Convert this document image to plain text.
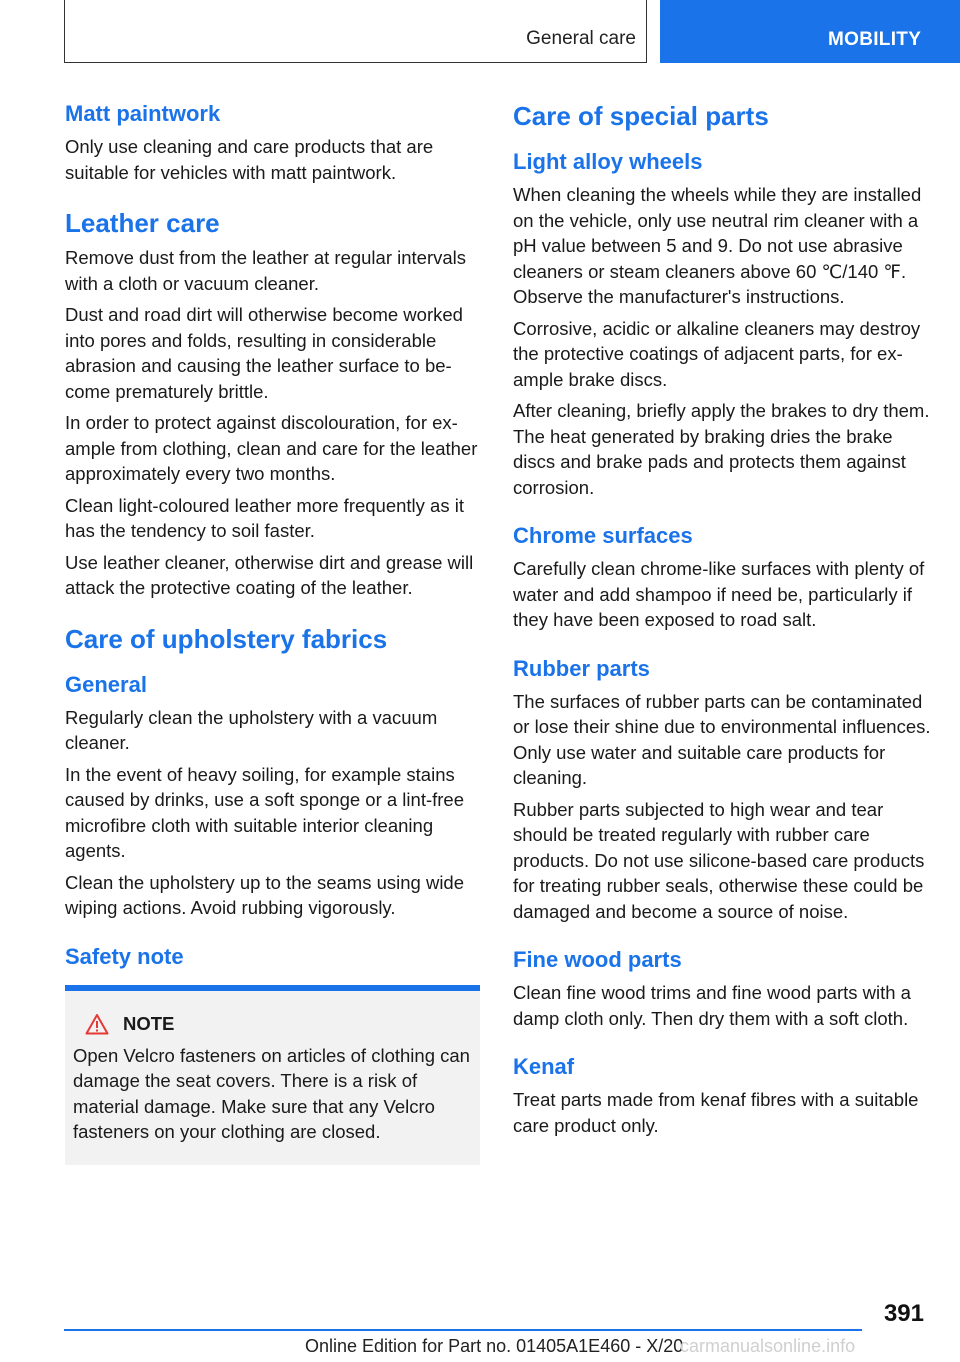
General care	MOBILITY
Matt paintwork

Only use cleaning and care products that are suitable for vehicles with matt paintwork.

Leather care

Remove dust from the leather at regular intervals with a cloth or vacuum cleaner.

Dust and road dirt will otherwise become worked into pores and folds, resulting in considerable abrasion and causing the leather surface to become prematurely brittle.

In order to protect against discolouration, for example from clothing, clean and care for the leather approximately every two months.

Clean light-coloured leather more frequently as it has the tendency to soil faster.

Use leather cleaner, otherwise dirt and grease will attack the protective coating of the leather.

Care of upholstery fabrics
General

Regularly clean the upholstery with a vacuum cleaner.

In the event of heavy soiling, for example stains caused by drinks, use a soft sponge or a lint-free microfibre cloth with suitable interior cleaning agents.

Clean the upholstery up to the seams using wide wiping actions. Avoid rubbing vigorously.

Safety note
NOTE

Open Velcro fasteners on articles of clothing can damage the seat covers. There is a risk of material damage. Make sure that any Velcro fasteners on your clothing are closed.

Care of special parts
Light alloy wheels

When cleaning the wheels while they are installed on the vehicle, only use neutral rim cleaner with a pH value between 5 and 9. Do not use abrasive cleaners or steam cleaners above 60 ℃/140 ℉. Observe the manufacturer's instructions.

Corrosive, acidic or alkaline cleaners may destroy the protective coatings of adjacent parts, for example brake discs.

After cleaning, briefly apply the brakes to dry them. The heat generated by braking dries the brake discs and brake pads and protects them against corrosion.

Chrome surfaces

Carefully clean chrome-like surfaces with plenty of water and add shampoo if need be, particularly if they have been exposed to road salt.

Rubber parts

The surfaces of rubber parts can be contaminated or lose their shine due to environmental influences. Only use water and suitable care products for cleaning.

Rubber parts subjected to high wear and tear should be treated regularly with rubber care products. Do not use silicone-based care products for treating rubber seals, otherwise these could be damaged and become a source of noise.

Fine wood parts

Clean fine wood trims and fine wood parts with a damp cloth only. Then dry them with a soft cloth.

Kenaf

Treat parts made from kenaf fibres with a suitable care product only.

391
Online Edition for Part no. 01405A1E460 - X/20
carmanualsonline.info
